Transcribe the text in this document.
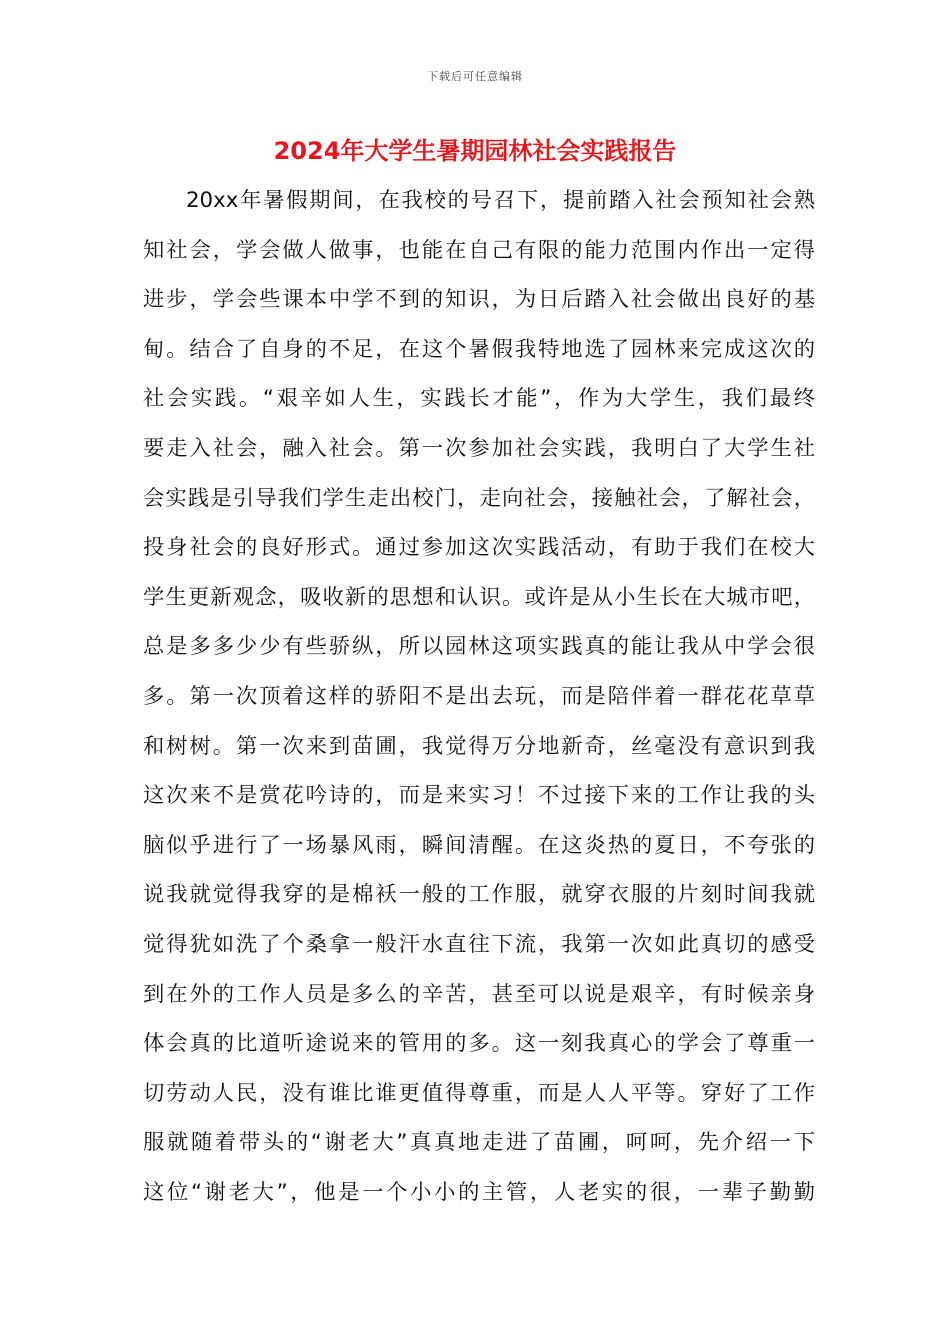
下载后可任意编辑
2024年大学生暑期园林社会实践报告
20xx年暑假期间，在我校的号召下，提前踏入社会预知社会熟
知社会，学会做人做事，也能在自己有限的能力范围内作出一定得
进步，学会些课本中学不到的知识，为日后踏入社会做出良好的基
甸。结合了自身的不足，在这个暑假我特地选了园林来完成这次的
社会实践。“艰辛如人生，实践长才能”，作为大学生，我们最终
要走入社会，融入社会。第一次参加社会实践，我明白了大学生社
会实践是引导我们学生走出校门，走向社会，接触社会，了解社会，
投身社会的良好形式。通过参加这次实践活动，有助于我们在校大
学生更新观念，吸收新的思想和认识。或许是从小生长在大城市吧，
总是多多少少有些骄纵，所以园林这项实践真的能让我从中学会很
多。第一次顶着这样的骄阳不是出去玩，而是陪伴着一群花花草草
和树树。第一次来到苗圃，我觉得万分地新奇，丝毫没有意识到我
这次来不是赏花吟诗的，而是来实习！不过接下来的工作让我的头
脑似乎进行了一场暴风雨，瞬间清醒。在这炎热的夏日，不夸张的
说我就觉得我穿的是棉袄一般的工作服，就穿衣服的片刻时间我就
觉得犹如洗了个桑拿一般汗水直往下流，我第一次如此真切的感受
到在外的工作人员是多么的辛苦，甚至可以说是艰辛，有时候亲身
体会真的比道听途说来的管用的多。这一刻我真心的学会了尊重一
切劳动人民，没有谁比谁更值得尊重，而是人人平等。穿好了工作
服就随着带头的“谢老大”真真地走进了苗圃，呵呵，先介绍一下
这位“谢老大”，他是一个小小的主管，人老实的很，一辈子勤勤
